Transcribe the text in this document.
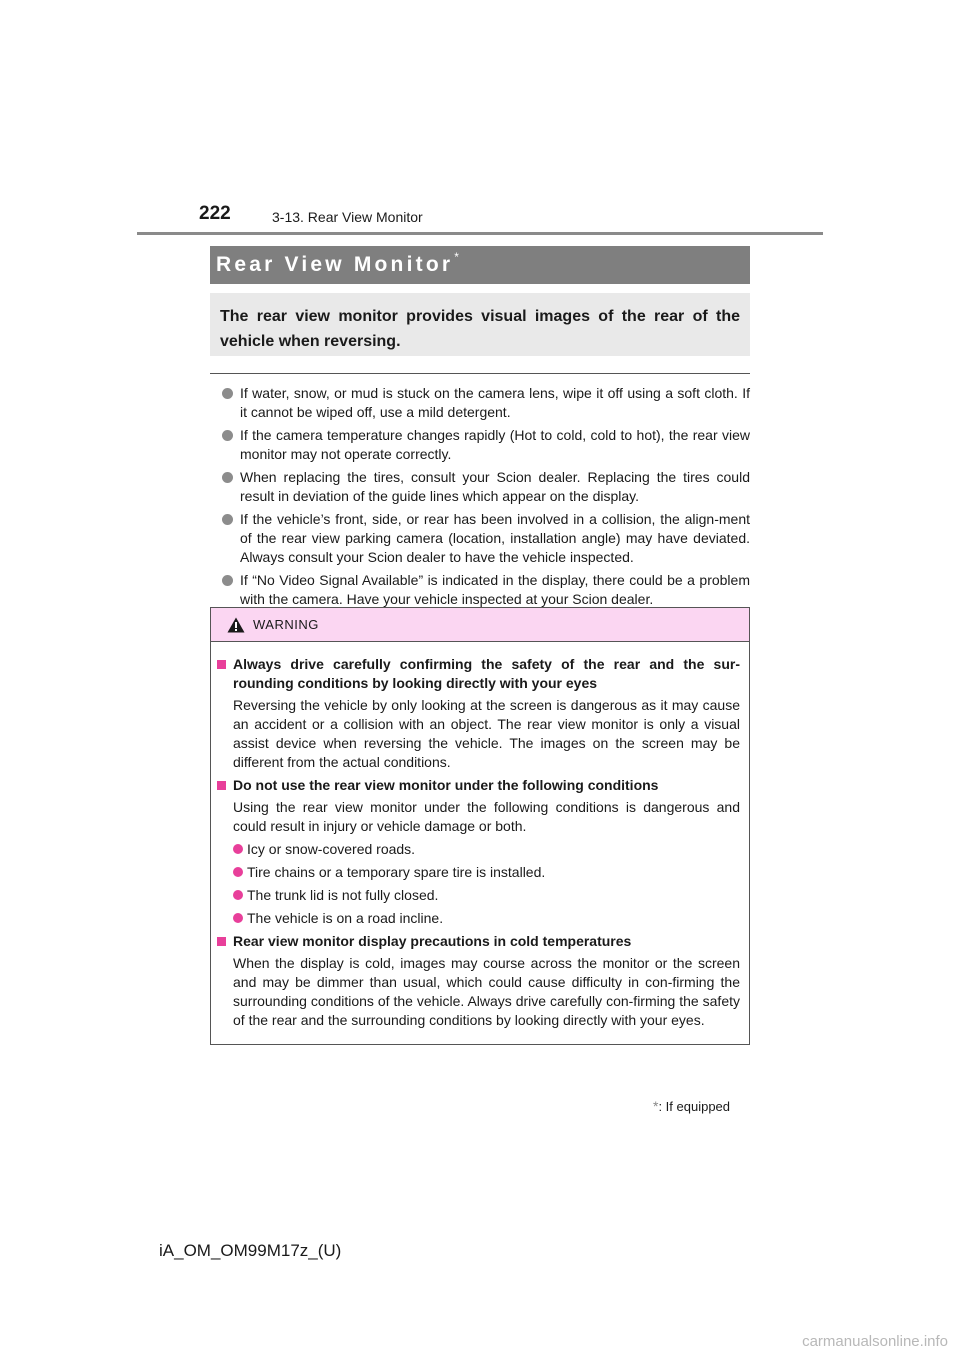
222	3-13. Rear View Monitor
Rear View Monitor *
The rear view monitor provides visual images of the rear of the vehicle when reversing.
If water, snow, or mud is stuck on the camera lens, wipe it off using a soft cloth. If it cannot be wiped off, use a mild detergent.
If the camera temperature changes rapidly (Hot to cold, cold to hot), the rear view monitor may not operate correctly.
When replacing the tires, consult your Scion dealer. Replacing the tires could result in deviation of the guide lines which appear on the display.
If the vehicle’s front, side, or rear has been involved in a collision, the align-ment of the rear view parking camera (location, installation angle) may have deviated. Always consult your Scion dealer to have the vehicle inspected.
If “No Video Signal Available” is indicated in the display, there could be a problem with the camera. Have your vehicle inspected at your Scion dealer.
WARNING
Always drive carefully confirming the safety of the rear and the sur-rounding conditions by looking directly with your eyes
Reversing the vehicle by only looking at the screen is dangerous as it may cause an accident or a collision with an object. The rear view monitor is only a visual assist device when reversing the vehicle. The images on the screen may be different from the actual conditions.
Do not use the rear view monitor under the following conditions
Using the rear view monitor under the following conditions is dangerous and could result in injury or vehicle damage or both.
Icy or snow-covered roads.
Tire chains or a temporary spare tire is installed.
The trunk lid is not fully closed.
The vehicle is on a road incline.
Rear view monitor display precautions in cold temperatures
When the display is cold, images may course across the monitor or the screen and may be dimmer than usual, which could cause difficulty in con-firming the surrounding conditions of the vehicle. Always drive carefully con-firming the safety of the rear and the surrounding conditions by looking directly with your eyes.
*: If equipped
iA_OM_OM99M17z_(U)
carmanualsonline.info
